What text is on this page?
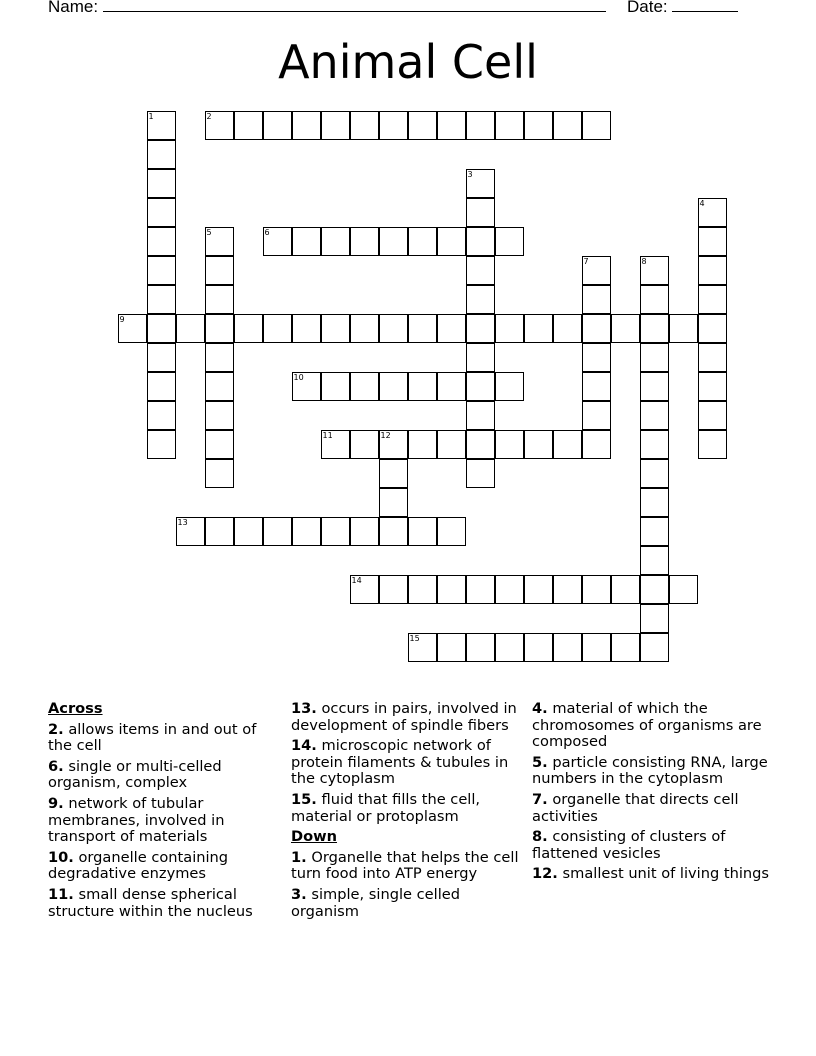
Name:	Date:
Animal Cell
1	2
3
4
5	6
7	8
9
10
11	12
13
14
15
Across
2. allows items in and out of the cell
6. single or multi-celled organism, complex
9. network of tubular membranes, involved in transport of materials
10. organelle containing degradative enzymes
11. small dense spherical structure within the nucleus
13. occurs in pairs, involved in development of spindle fibers
14. microscopic network of protein filaments & tubules in the cytoplasm
15. fluid that fills the cell, material or protoplasm
Down
1. Organelle that helps the cell turn food into ATP energy
3. simple, single celled organism
4. material of which the chromosomes of organisms are composed
5. particle consisting RNA, large numbers in the cytoplasm
7. organelle that directs cell activities
8. consisting of clusters of flattened vesicles
12. smallest unit of living things
